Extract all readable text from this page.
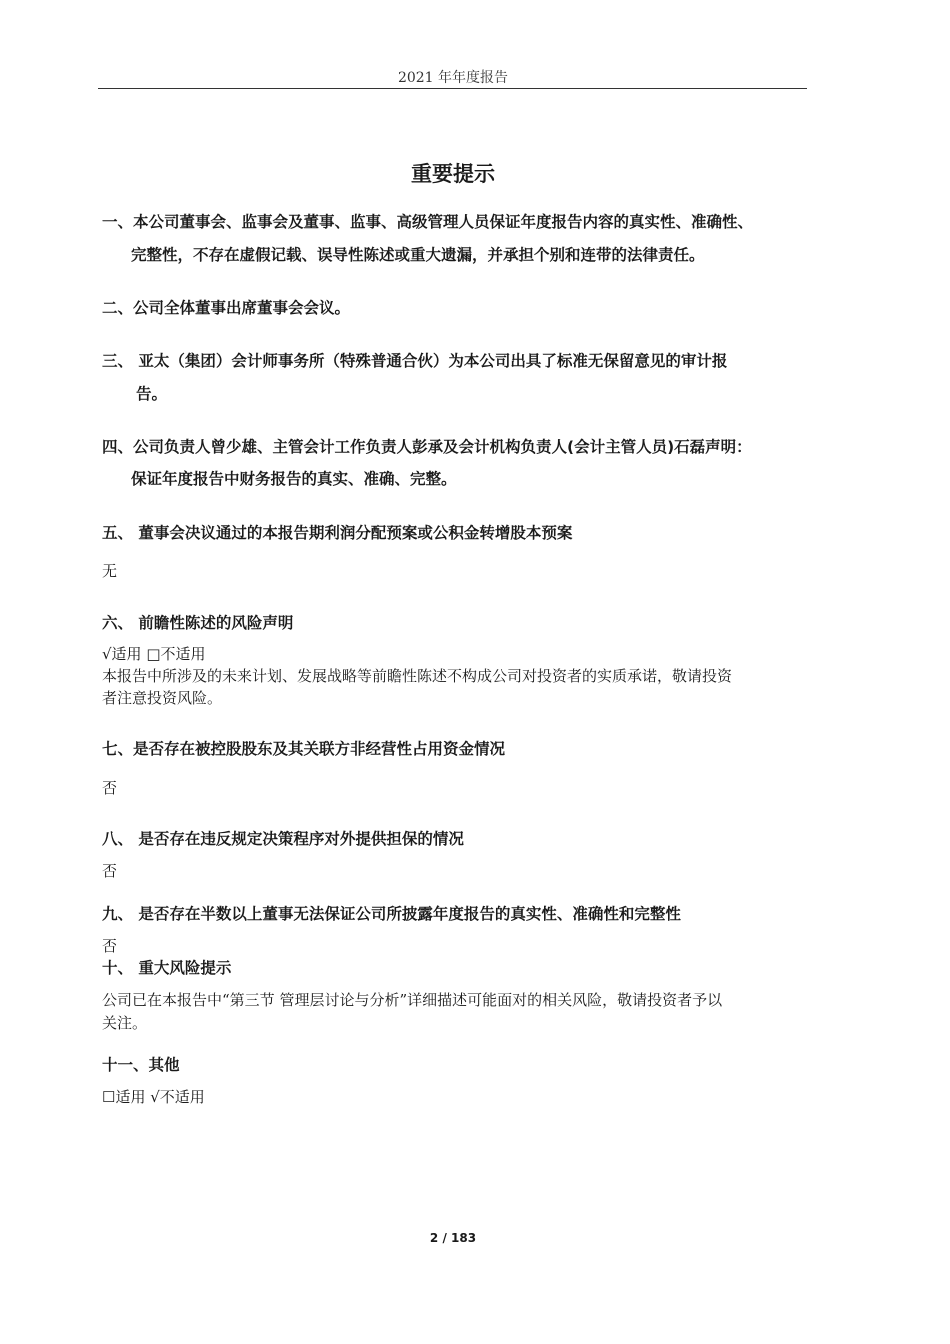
2021 年年度报告
重要提示
一、本公司董事会、监事会及董事、监事、高级管理人员保证年度报告内容的真实性、准确性、
完整性，不存在虚假记载、误导性陈述或重大遗漏，并承担个别和连带的法律责任。
二、公司全体董事出席董事会会议。
三、 亚太（集团）会计师事务所（特殊普通合伙）为本公司出具了标准无保留意见的审计报
告。
四、公司负责人曾少雄、主管会计工作负责人彭承及会计机构负责人(会计主管人员)石磊声明：
保证年度报告中财务报告的真实、准确、完整。
五、 董事会决议通过的本报告期利润分配预案或公积金转增股本预案
无
六、 前瞻性陈述的风险声明
√适用 □不适用
本报告中所涉及的未来计划、发展战略等前瞻性陈述不构成公司对投资者的实质承诺，敬请投资
者注意投资风险。
七、是否存在被控股股东及其关联方非经营性占用资金情况
否
八、 是否存在违反规定决策程序对外提供担保的情况
否
九、 是否存在半数以上董事无法保证公司所披露年度报告的真实性、准确性和完整性
否
十、 重大风险提示
公司已在本报告中“第三节 管理层讨论与分析”详细描述可能面对的相关风险，敬请投资者予以
关注。
十一、其他
☐适用 √不适用
2 / 183
